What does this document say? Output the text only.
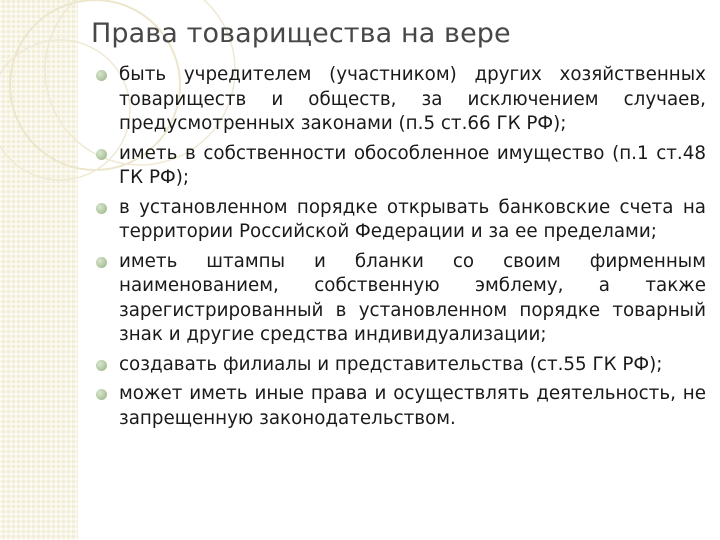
Права товарищества на вере
быть учредителем (участником) других хозяйственных товариществ и обществ, за исключением случаев, предусмотренных законами (п.5 ст.66 ГК РФ);
иметь в собственности обособленное имущество (п.1 ст.48 ГК РФ);
в установленном порядке открывать банковские счета на территории Российской Федерации и за ее пределами;
иметь штампы и бланки со своим фирменным наименованием, собственную эмблему, а также зарегистрированный в установленном порядке товарный знак и другие средства индивидуализации;
создавать филиалы и представительства (ст.55 ГК РФ);
может иметь иные права и осуществлять деятельность, не запрещенную законодательством.
